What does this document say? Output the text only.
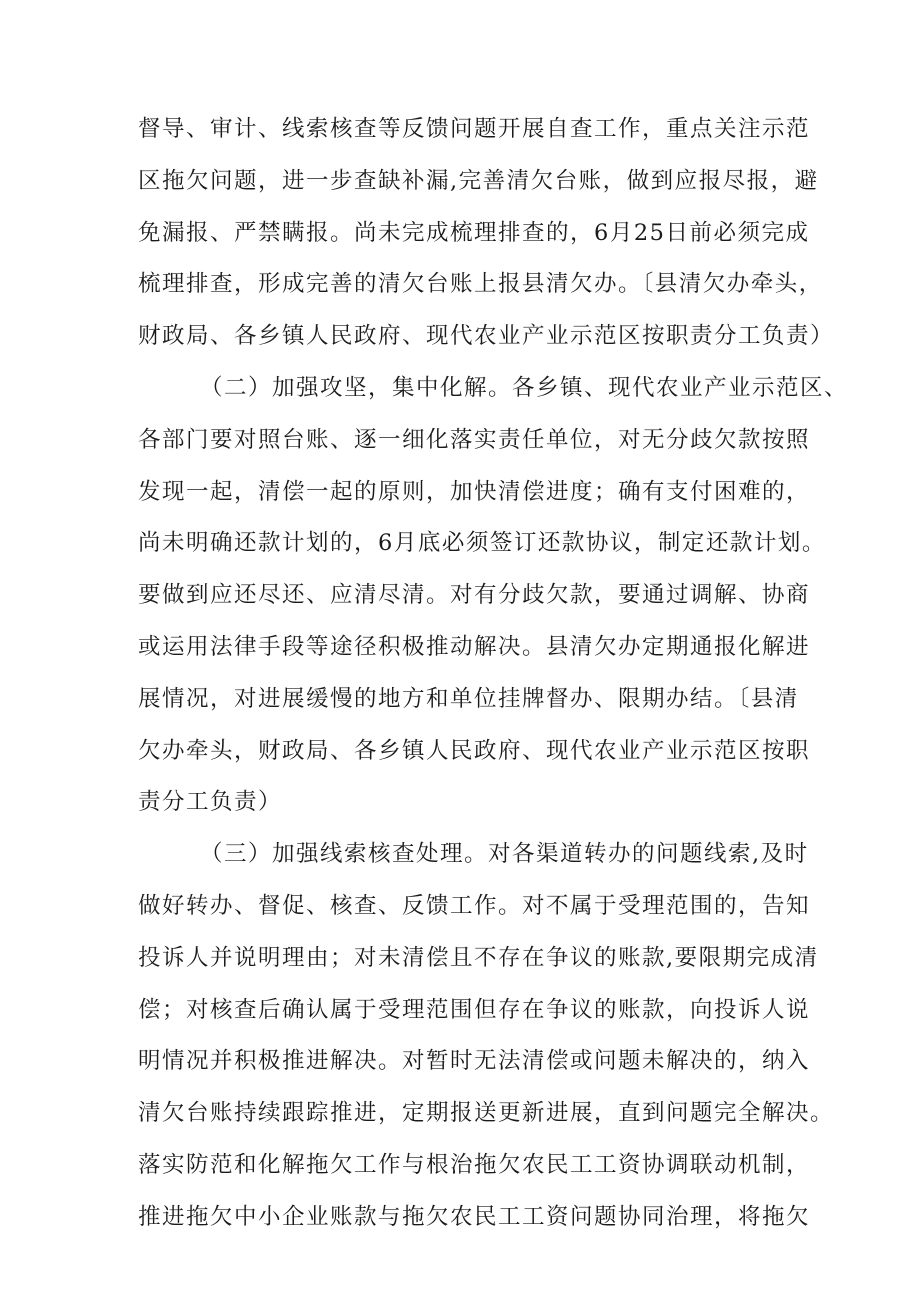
督导、审计、线索核查等反馈问题开展自查工作，重点关注示范
区拖欠问题，进一步查缺补漏,完善清欠台账，做到应报尽报，避
免漏报、严禁瞒报。尚未完成梳理排查的，6月25日前必须完成
梳理排查，形成完善的清欠台账上报县清欠办。〔县清欠办牵头，
财政局、各乡镇人民政府、现代农业产业示范区按职责分工负责）
（二）加强攻坚，集中化解。各乡镇、现代农业产业示范区、
各部门要对照台账、逐一细化落实责任单位，对无分歧欠款按照
发现一起，清偿一起的原则，加快清偿进度；确有支付困难的，
尚未明确还款计划的，6月底必须签订还款协议，制定还款计划。
要做到应还尽还、应清尽清。对有分歧欠款，要通过调解、协商
或运用法律手段等途径积极推动解决。县清欠办定期通报化解进
展情况，对进展缓慢的地方和单位挂牌督办、限期办结。〔县清
欠办牵头，财政局、各乡镇人民政府、现代农业产业示范区按职
责分工负责）
（三）加强线索核查处理。对各渠道转办的问题线索,及时
做好转办、督促、核查、反馈工作。对不属于受理范围的，告知
投诉人并说明理由；对未清偿且不存在争议的账款,要限期完成清
偿；对核查后确认属于受理范围但存在争议的账款，向投诉人说
明情况并积极推进解决。对暂时无法清偿或问题未解决的，纳入
清欠台账持续跟踪推进，定期报送更新进展，直到问题完全解决。
落实防范和化解拖欠工作与根治拖欠农民工工资协调联动机制，
推进拖欠中小企业账款与拖欠农民工工资问题协同治理，将拖欠
